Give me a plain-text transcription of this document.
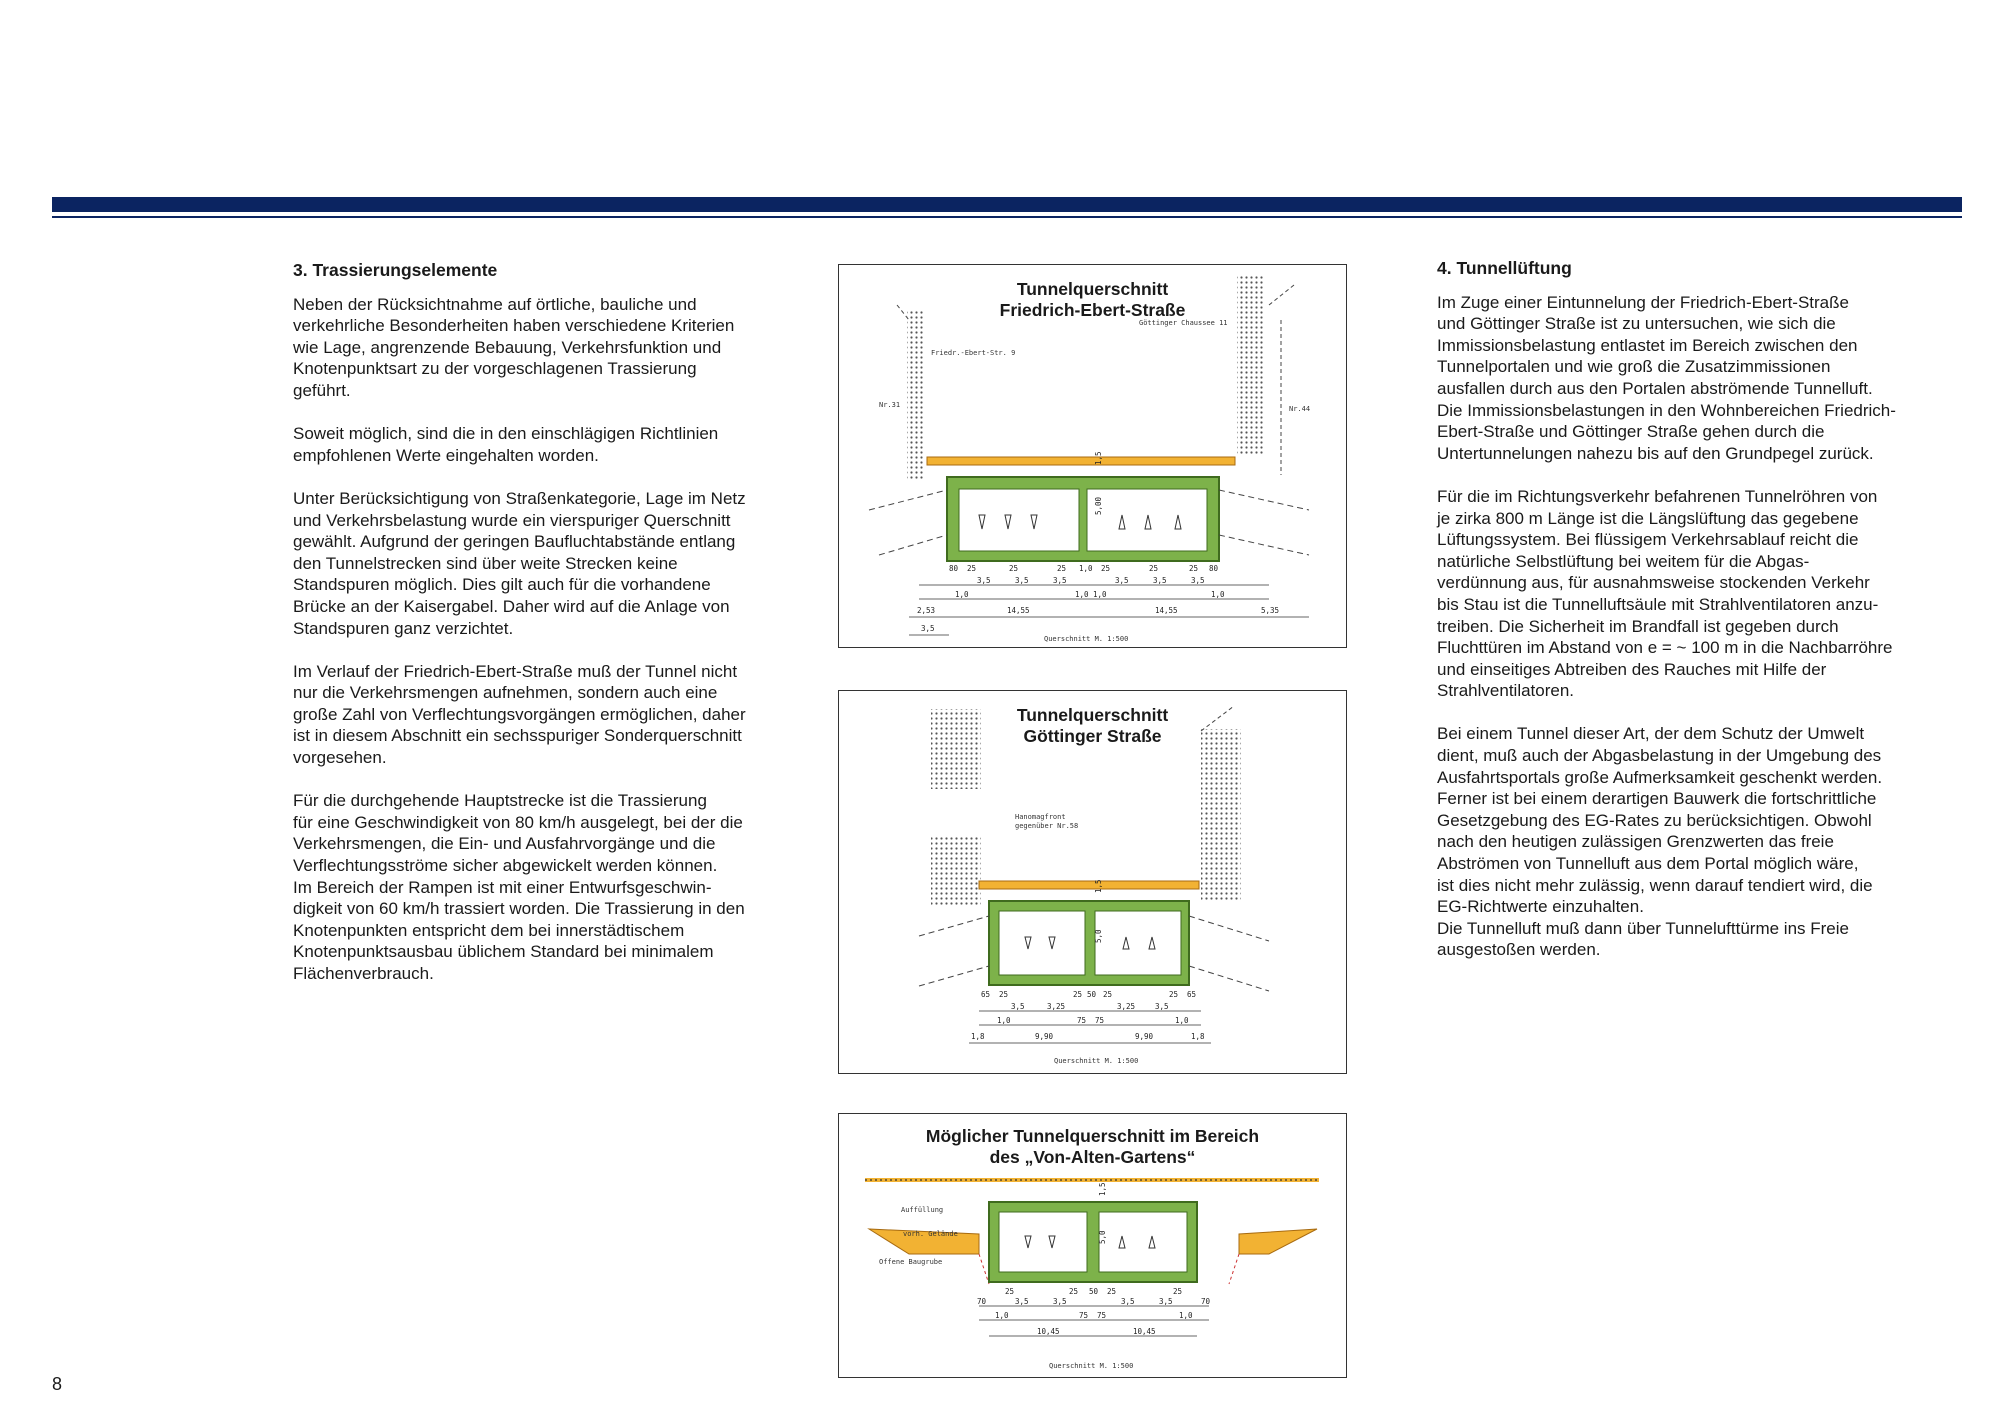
3. Trassierungselemente

Neben der Rücksichtnahme auf örtliche, bauliche und
verkehrliche Besonderheiten haben verschiedene Kriterien
wie Lage, angrenzende Bebauung, Verkehrsfunktion und
Knotenpunktsart zu der vorgeschlagenen Trassierung
geführt.

Soweit möglich, sind die in den einschlägigen Richtlinien
empfohlenen Werte eingehalten worden.

Unter Berücksichtigung von Straßenkategorie, Lage im Netz
und Verkehrsbelastung wurde ein vierspuriger Querschnitt
gewählt. Aufgrund der geringen Baufluchtabstände entlang
den Tunnelstrecken sind über weite Strecken keine
Standspuren möglich. Dies gilt auch für die vorhandene
Brücke an der Kaisergabel. Daher wird auf die Anlage von
Standspuren ganz verzichtet.

Im Verlauf der Friedrich-Ebert-Straße muß der Tunnel nicht
nur die Verkehrsmengen aufnehmen, sondern auch eine
große Zahl von Verflechtungsvorgängen ermöglichen, daher
ist in diesem Abschnitt ein sechsspuriger Sonderquerschnitt
vorgesehen.

Für die durchgehende Hauptstrecke ist die Trassierung
für eine Geschwindigkeit von 80 km/h ausgelegt, bei der die
Verkehrsmengen, die Ein- und Ausfahrvorgänge und die
Verflechtungsströme sicher abgewickelt werden können.
Im Bereich der Rampen ist mit einer Entwurfsgeschwin-
digkeit von 60 km/h trassiert worden. Die Trassierung in den
Knotenpunkten entspricht dem bei innerstädtischem
Knotenpunktsausbau üblichem Standard bei minimalem
Flächenverbrauch.

4. Tunnellüftung

Im Zuge einer Eintunnelung der Friedrich-Ebert-Straße
und Göttinger Straße ist zu untersuchen, wie sich die
Immissionsbelastung entlastet im Bereich zwischen den
Tunnelportalen und wie groß die Zusatzimmissionen
ausfallen durch aus den Portalen abströmende Tunnelluft.
Die Immissionsbelastungen in den Wohnbereichen Friedrich-
Ebert-Straße und Göttinger Straße gehen durch die
Untertunnelungen nahezu bis auf den Grundpegel zurück.

Für die im Richtungsverkehr befahrenen Tunnelröhren von
je zirka 800 m Länge ist die Längslüftung das gegebene
Lüftungssystem. Bei flüssigem Verkehrsablauf reicht die
natürliche Selbstlüftung bei weitem für die Abgas-
verdünnung aus, für ausnahmsweise stockenden Verkehr
bis Stau ist die Tunnelluftsäule mit Strahlventilatoren anzu-
treiben. Die Sicherheit im Brandfall ist gegeben durch
Fluchttüren im Abstand von e = ~ 100 m in die Nachbarröhre
und einseitiges Abtreiben des Rauches mit Hilfe der
Strahlventilatoren.

Bei einem Tunnel dieser Art, der dem Schutz der Umwelt
dient, muß auch der Abgasbelastung in der Umgebung des
Ausfahrtsportals große Aufmerksamkeit geschenkt werden.
Ferner ist bei einem derartigen Bauwerk die fortschrittliche
Gesetzgebung des EG-Rates zu berücksichtigen. Obwohl
nach den heutigen zulässigen Grenzwerten das freie
Abströmen von Tunnelluft aus dem Portal möglich wäre,
ist dies nicht mehr zulässig, wenn darauf tendiert wird, die
EG-Richtwerte einzuhalten.
Die Tunnelluft muß dann über Tunnelufttürme ins Freie
ausgestoßen werden.

Friedr.-Ebert-Str. 9
Nr.31
Göttinger Chaussee 11
Nr.44
5,00
1,5
80 25	25	25 1,0 25	25	25 80
3,5	3,5	3,5	3,5	3,5	3,5
1,0	1,0 1,0	1,0
2,53	14,55	14,55	5,35
3,5
Querschnitt M. 1:500
Tunnelquerschnitt
Friedrich-Ebert-Straße
Hanomagfront gegenüber Nr.58
5,0
1,5
65 25	25 50 25	25 65
3,5	3,25	3,25	3,5
1,0	75 75	1,0
1,8	9,90	9,90	1,8
Querschnitt M. 1:500
Tunnelquerschnitt
Göttinger Straße
Auffüllung
vorh. Gelände
Offene Baugrube
5,0
1,5
70
25	25 50 25	25
70
3,5	3,5	3,5	3,5
1,0	75 75	1,0
10,45	10,45
Querschnitt M. 1:500
Möglicher Tunnelquerschnitt im Bereich
des „Von-Alten-Gartens“
8
